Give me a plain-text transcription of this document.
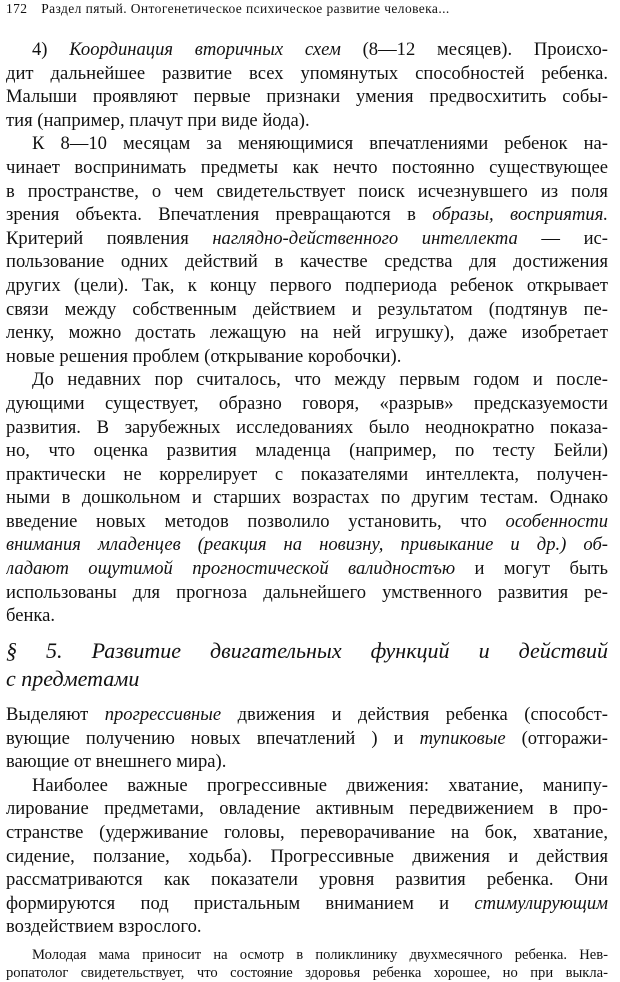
172 Раздел пятый. Онтогенетическое психическое развитие человека...
4) Координация вторичных схем (8—12 месяцев). Происхо-
дит дальнейшее развитие всех упомянутых способностей ребенка.
Малыши проявляют первые признаки умения предвосхитить собы-
тия (например, плачут при виде йода).
К 8—10 месяцам за меняющимися впечатлениями ребенок на-
чинает воспринимать предметы как нечто постоянно существующее
в пространстве, о чем свидетельствует поиск исчезнувшего из поля
зрения объекта. Впечатления превращаются в образы, восприятия.
Критерий появления наглядно-действенного интеллекта — ис-
пользование одних действий в качестве средства для достижения
других (цели). Так, к концу первого подпериода ребенок открывает
связи между собственным действием и результатом (подтянув пе-
ленку, можно достать лежащую на ней игрушку), даже изобретает
новые решения проблем (открывание коробочки).
До недавних пор считалось, что между первым годом и после-
дующими существует, образно говоря, «разрыв» предсказуемости
развития. В зарубежных исследованиях было неоднократно показа-
но, что оценка развития младенца (например, по тесту Бейли)
практически не коррелирует с показателями интеллекта, получен-
ными в дошкольном и старших возрастах по другим тестам. Однако
введение новых методов позволило установить, что особенности
внимания младенцев (реакция на новизну, привыкание и др.) об-
ладают ощутимой прогностической валидностъю и могут быть
использованы для прогноза дальнейшего умственного развития ре-
бенка.
§ 5. Развитие двигательных функций и действий
с предметами
Выделяют прогрессивные движения и действия ребенка (способст-
вующие получению новых впечатлений ) и тупиковые (отгоражи-
вающие от внешнего мира).
Наиболее важные прогрессивные движения: хватание, манипу-
лирование предметами, овладение активным передвижением в про-
странстве (удерживание головы, переворачивание на бок, хватание,
сидение, ползание, ходьба). Прогрессивные движения и действия
рассматриваются как показатели уровня развития ребенка. Они
формируются под пристальным вниманием и стимулирующим
воздействием взрослого.
Молодая мама приносит на осмотр в поликлинику двухмесячного ребенка. Нев-
ропатолог свидетельствует, что состояние здоровья ребенка хорошее, но при выкла-
